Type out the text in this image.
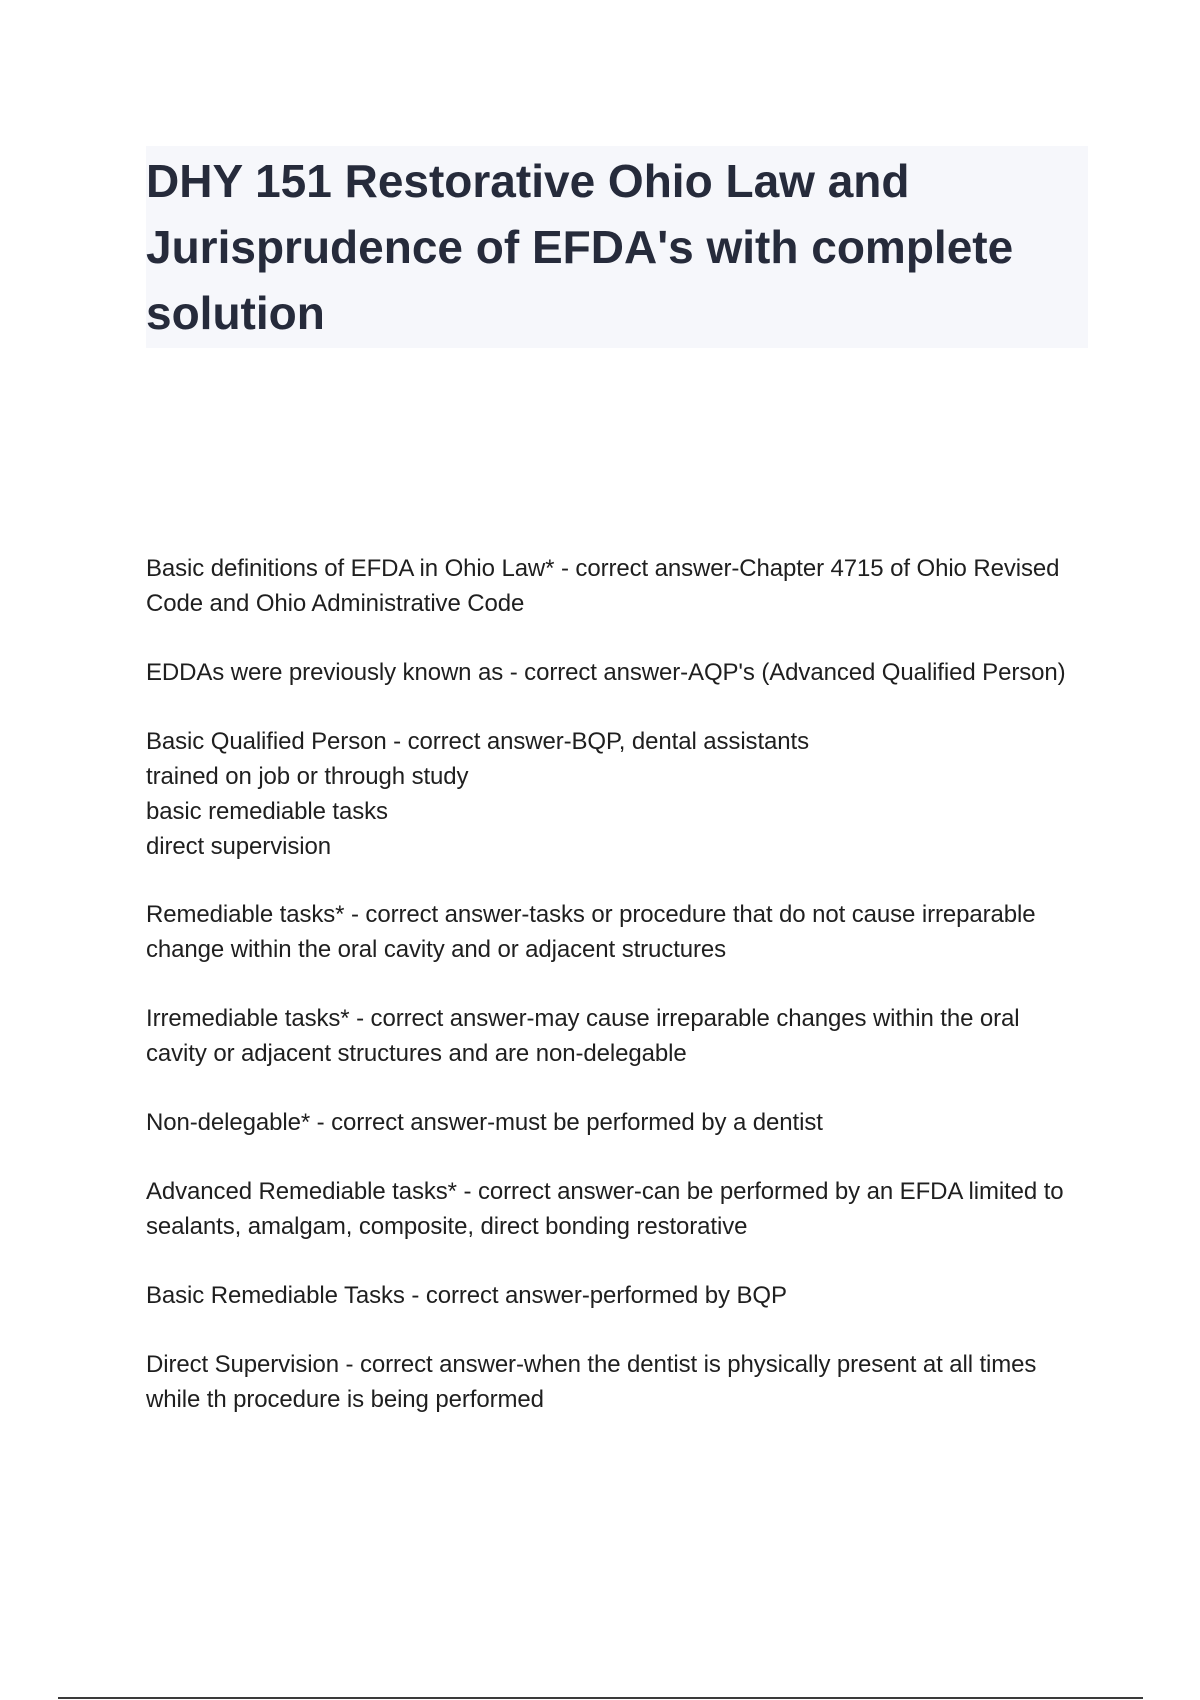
DHY 151 Restorative Ohio Law and Jurisprudence of EFDA's with complete solution

Basic definitions of EFDA in Ohio Law* - correct answer-Chapter 4715 of Ohio Revised Code and Ohio Administrative Code

EDDAs were previously known as - correct answer-AQP's (Advanced Qualified Person)

Basic Qualified Person - correct answer-BQP, dental assistants
trained on job or through study
basic remediable tasks
direct supervision

Remediable tasks* - correct answer-tasks or procedure that do not cause irreparable change within the oral cavity and or adjacent structures

Irremediable tasks* - correct answer-may cause irreparable changes within the oral cavity or adjacent structures and are non-delegable

Non-delegable* - correct answer-must be performed by a dentist

Advanced Remediable tasks* - correct answer-can be performed by an EFDA limited to sealants, amalgam, composite, direct bonding restorative

Basic Remediable Tasks - correct answer-performed by BQP

Direct Supervision - correct answer-when the dentist is physically present at all times while th procedure is being performed
